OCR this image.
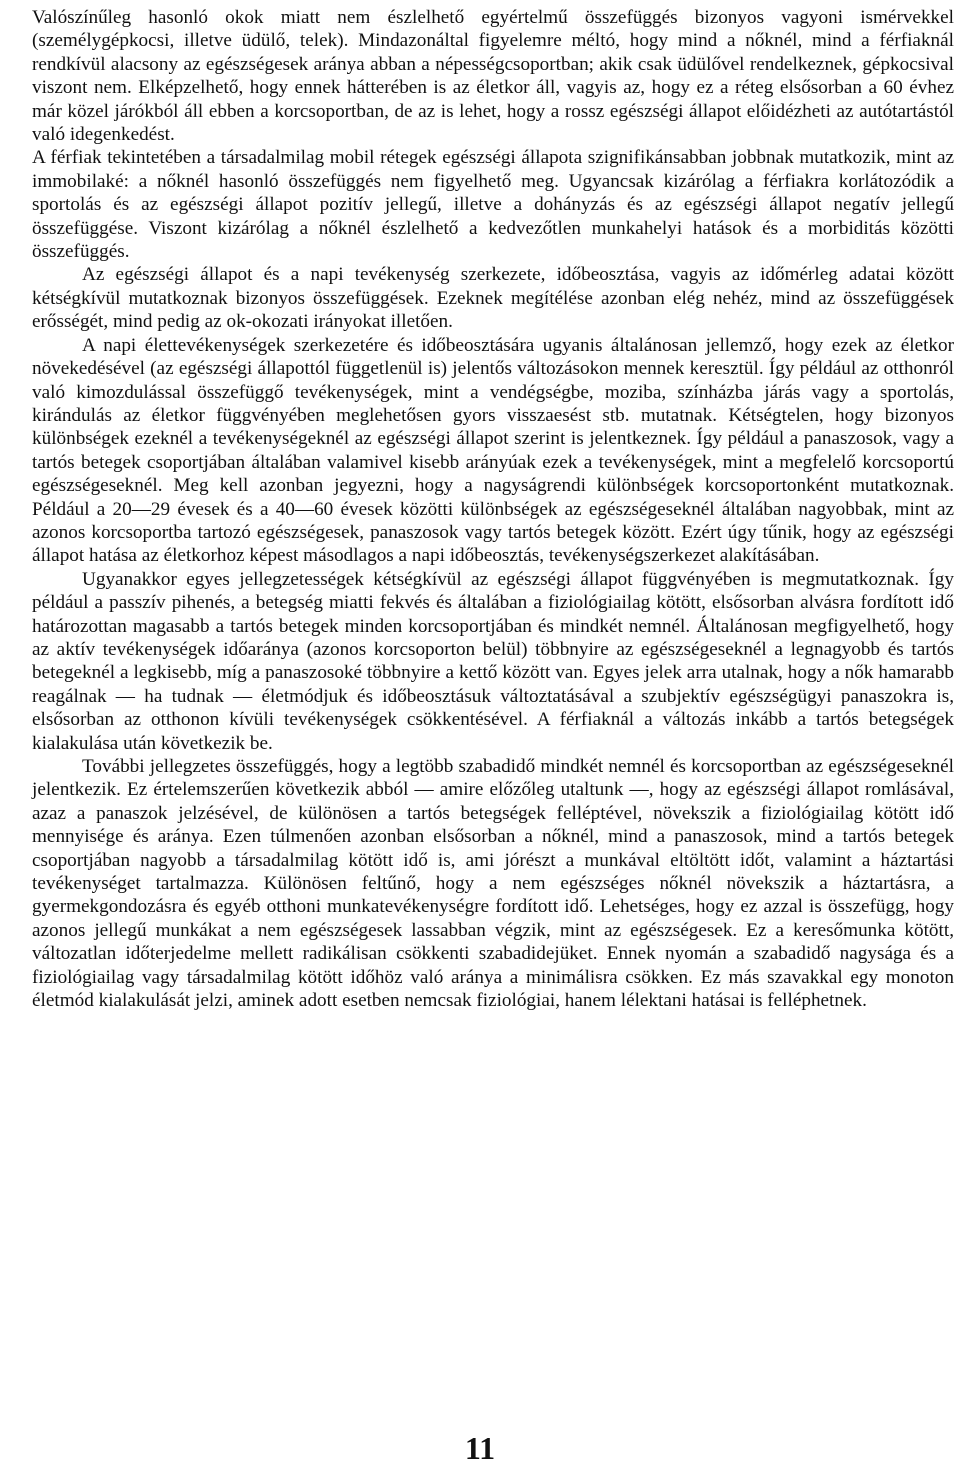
Valószínűleg hasonló okok miatt nem észlelhető egyértelmű összefüggés bizonyos vagyoni ismérvekkel (személygépkocsi, illetve üdülő, telek). Mindazonáltal figyelemre méltó, hogy mind a nőknél, mind a férfiaknál rendkívül alacsony az egészségesek aránya abban a népességcsoportban; akik csak üdülővel rendelkeznek, gépkocsival viszont nem. Elképzelhető, hogy ennek hátterében is az életkor áll, vagyis az, hogy ez a réteg elsősorban a 60 évhez már közel járókból áll ebben a korcsoportban, de az is lehet, hogy a rossz egészségi állapot előidézheti az autótartástól való idegenkedést.

A férfiak tekintetében a társadalmilag mobil rétegek egészségi állapota szignifikánsabban jobbnak mutatkozik, mint az immobilaké: a nőknél hasonló összefüggés nem figyelhető meg. Ugyancsak kizárólag a férfiakra korlátozódik a sportolás és az egészségi állapot pozitív jellegű, illetve a dohányzás és az egészségi állapot negatív jellegű összefüggése. Viszont kizárólag a nőknél észlelhető a kedvezőtlen munkahelyi hatások és a morbiditás közötti összefüggés.

Az egészségi állapot és a napi tevékenység szerkezete, időbeosztása, vagyis az időmérleg adatai között kétségkívül mutatkoznak bizonyos összefüggések. Ezeknek megítélése azonban elég nehéz, mind az összefüggések erősségét, mind pedig az ok-okozati irányokat illetően.

A napi élettevékenységek szerkezetére és időbeosztására ugyanis általánosan jellemző, hogy ezek az életkor növekedésével (az egészségi állapottól függetlenül is) jelentős változásokon mennek keresztül. Így például az otthonról való kimozdulással összefüggő tevékenységek, mint a vendégségbe, moziba, színházba járás vagy a sportolás, kirándulás az életkor függvényében meglehetősen gyors visszaesést stb. mutatnak. Kétségtelen, hogy bizonyos különbségek ezeknél a tevékenységeknél az egészségi állapot szerint is jelentkeznek. Így például a panaszosok, vagy a tartós betegek csoportjában általában valamivel kisebb arányúak ezek a tevékenységek, mint a megfelelő korcsoportú egészségeseknél. Meg kell azonban jegyezni, hogy a nagyságrendi különbségek korcsoportonként mutatkoznak. Például a 20—29 évesek és a 40—60 évesek közötti különbségek az egészségeseknél általában nagyobbak, mint az azonos korcsoportba tartozó egészségesek, panaszosok vagy tartós betegek között. Ezért úgy tűnik, hogy az egészségi állapot hatása az életkorhoz képest másodlagos a napi időbeosztás, tevékenységszerkezet alakításában.

Ugyanakkor egyes jellegzetességek kétségkívül az egészségi állapot függvényében is megmutatkoznak. Így például a passzív pihenés, a betegség miatti fekvés és általában a fiziológiailag kötött, elsősorban alvásra fordított idő határozottan magasabb a tartós betegek minden korcsoportjában és mindkét nemnél. Általánosan megfigyelhető, hogy az aktív tevékenységek időaránya (azonos korcsoporton belül) többnyire az egészségeseknél a legnagyobb és tartós betegeknél a legkisebb, míg a panaszosoké többnyire a kettő között van. Egyes jelek arra utalnak, hogy a nők hamarabb reagálnak — ha tudnak — életmódjuk és időbeosztásuk változtatásával a szubjektív egészségügyi panaszokra is, elsősorban az otthonon kívüli tevékenységek csökkentésével. A férfiaknál a változás inkább a tartós betegségek kialakulása után következik be.

További jellegzetes összefüggés, hogy a legtöbb szabadidő mindkét nemnél és korcsoportban az egészségeseknél jelentkezik. Ez értelemszerűen következik abból — amire előzőleg utaltunk —, hogy az egészségi állapot romlásával, azaz a panaszok jelzésével, de különösen a tartós betegségek felléptével, növekszik a fiziológiailag kötött idő mennyisége és aránya. Ezen túlmenően azonban elsősorban a nőknél, mind a panaszosok, mind a tartós betegek csoportjában nagyobb a társadalmilag kötött idő is, ami jórészt a munkával eltöltött időt, valamint a háztartási tevékenységet tartalmazza. Különösen feltűnő, hogy a nem egészséges nőknél növekszik a háztartásra, a gyermekgondozásra és egyéb otthoni munkatevékenységre fordított idő. Lehetséges, hogy ez azzal is összefügg, hogy azonos jellegű munkákat a nem egészségesek lassabban végzik, mint az egészségesek. Ez a keresőmunka kötött, változatlan időterjedelme mellett radikálisan csökkenti szabadidejüket. Ennek nyomán a szabadidő nagysága és a fiziológiailag vagy társadalmilag kötött időhöz való aránya a minimálisra csökken. Ez más szavakkal egy monoton életmód kialakulását jelzi, aminek adott esetben nemcsak fiziológiai, hanem lélektani hatásai is felléphetnek.

11
